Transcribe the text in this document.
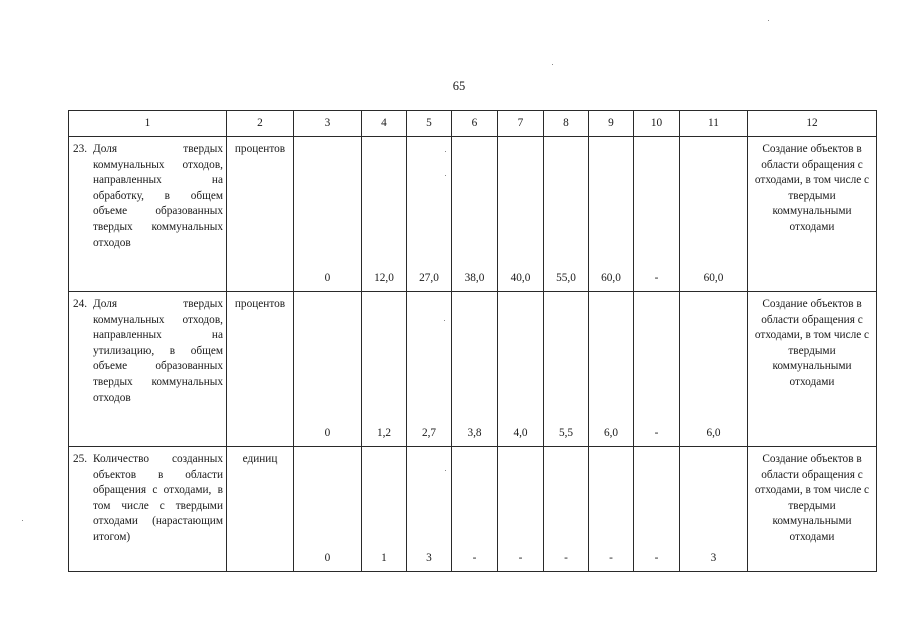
65
1	2	3	4	5	6	7	8	9	10	11	12

23. Доля твердых коммунальных отходов, направленных на обработку, в общем объеме образованных твердых коммунальных отходов	процентов	0	12,0	27,0	38,0	40,0	55,0	60,0	-	60,0	Создание объектов в области обращения с отходами, в том числе с твердыми коммунальными отходами

24. Доля твердых коммунальных отходов, направленных на утилизацию, в общем объеме образованных твердых коммунальных отходов	процентов	0	1,2	2,7	3,8	4,0	5,5	6,0	-	6,0	Создание объектов в области обращения с отходами, в том числе с твердыми коммунальными отходами

25. Количество созданных объектов в области обращения с отходами, в том числе с твердыми отходами (нарастающим итогом)	единиц	0	1	3	-	-	-	-	-	3	Создание объектов в области обращения с отходами, в том числе с твердыми коммунальными отходами
